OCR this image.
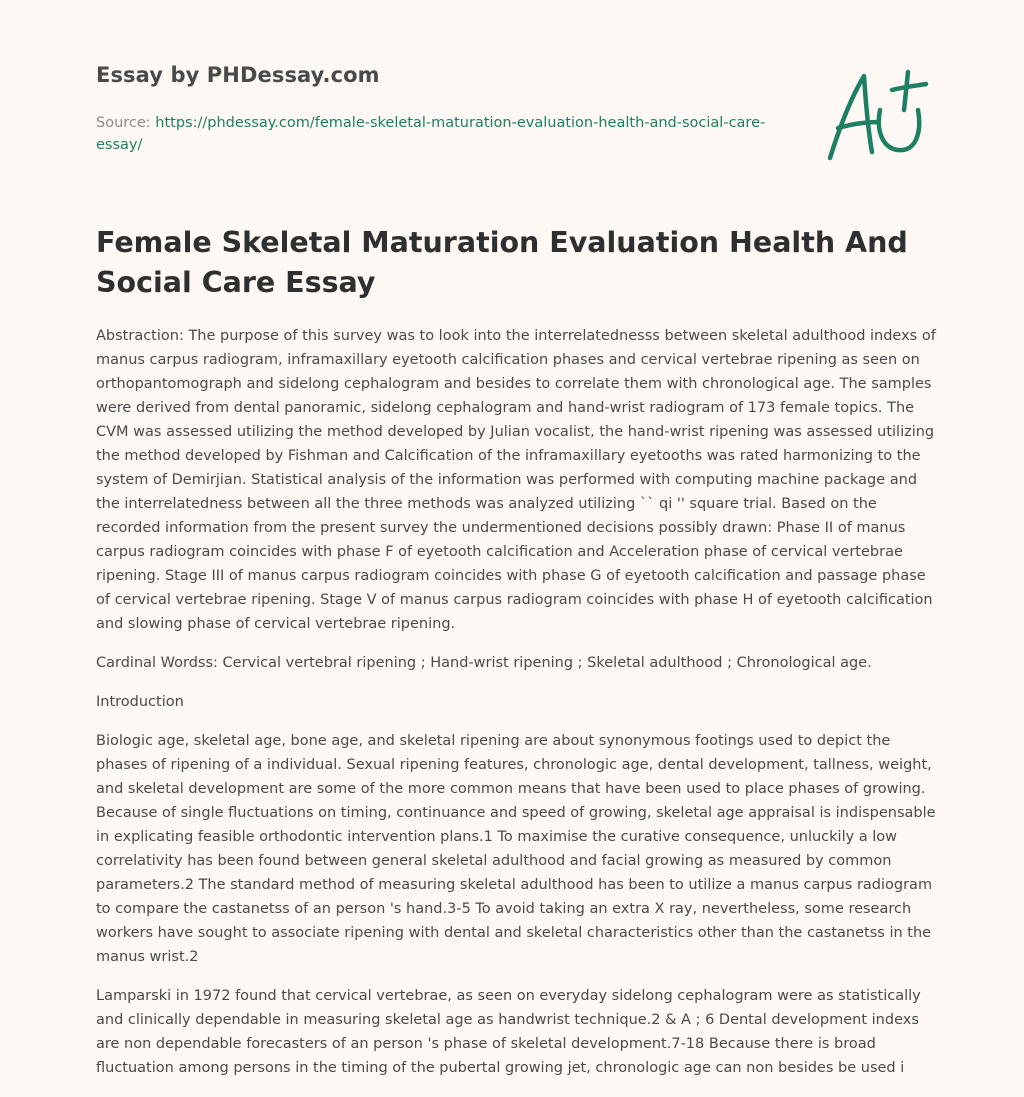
Essay by PHDessay.com
Source: https://phdessay.com/female-skeletal-maturation-evaluation-health-and-social-care-essay/
Female Skeletal Maturation Evaluation Health And Social Care Essay

Abstraction: The purpose of this survey was to look into the interrelatednesss between skeletal adulthood indexs of manus carpus radiogram, inframaxillary eyetooth calcification phases and cervical vertebrae ripening as seen on orthopantomograph and sidelong cephalogram and besides to correlate them with chronological age. The samples were derived from dental panoramic, sidelong cephalogram and hand-wrist radiogram of 173 female topics. The CVM was assessed utilizing the method developed by Julian vocalist, the hand-wrist ripening was assessed utilizing the method developed by Fishman and Calcification of the inframaxillary eyetooths was rated harmonizing to the system of Demirjian. Statistical analysis of the information was performed with computing machine package and the interrelatedness between all the three methods was analyzed utilizing `` qi '' square trial. Based on the recorded information from the present survey the undermentioned decisions possibly drawn: Phase II of manus carpus radiogram coincides with phase F of eyetooth calcification and Acceleration phase of cervical vertebrae ripening. Stage III of manus carpus radiogram coincides with phase G of eyetooth calcification and passage phase of cervical vertebrae ripening. Stage V of manus carpus radiogram coincides with phase H of eyetooth calcification and slowing phase of cervical vertebrae ripening.

Cardinal Wordss: Cervical vertebral ripening ; Hand-wrist ripening ; Skeletal adulthood ; Chronological age.

Introduction

Biologic age, skeletal age, bone age, and skeletal ripening are about synonymous footings used to depict the phases of ripening of a individual. Sexual ripening features, chronologic age, dental development, tallness, weight, and skeletal development are some of the more common means that have been used to place phases of growing. Because of single fluctuations on timing, continuance and speed of growing, skeletal age appraisal is indispensable in explicating feasible orthodontic intervention plans.1 To maximise the curative consequence, unluckily a low correlativity has been found between general skeletal adulthood and facial growing as measured by common parameters.2 The standard method of measuring skeletal adulthood has been to utilize a manus carpus radiogram to compare the castanetss of an person 's hand.3-5 To avoid taking an extra X ray, nevertheless, some research workers have sought to associate ripening with dental and skeletal characteristics other than the castanetss in the manus wrist.2

Lamparski in 1972 found that cervical vertebrae, as seen on everyday sidelong cephalogram were as statistically and clinically dependable in measuring skeletal age as handwrist technique.2 & A ; 6 Dental development indexs are non dependable forecasters of an person 's phase of skeletal development.7-18 Because there is broad fluctuation among persons in the timing of the pubertal growing jet, chronologic age can non besides be used i
